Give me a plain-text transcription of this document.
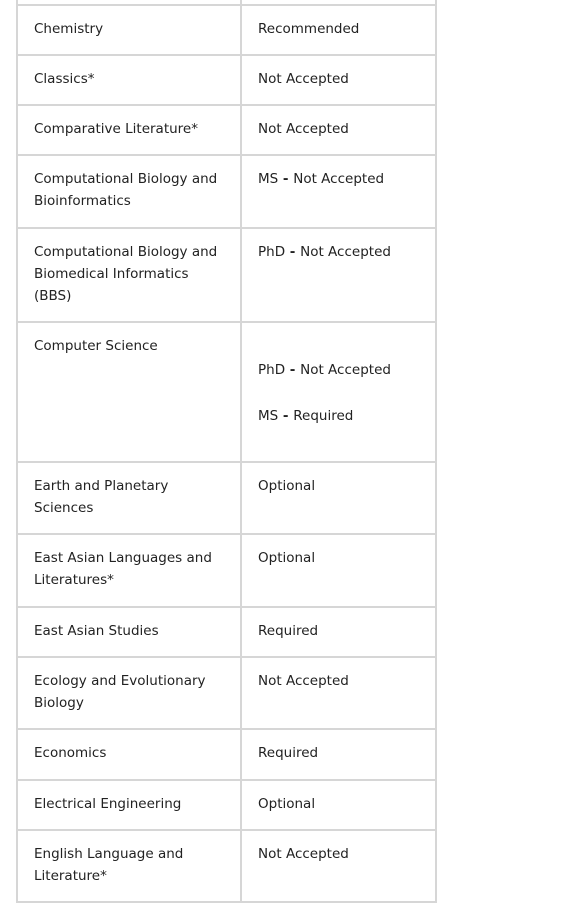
Chemistry	Recommended

Classics*	Not Accepted

Comparative Literature*	Not Accepted

Computational Biology and Bioinformatics	MS - Not Accepted

Computational Biology and Biomedical Informatics (BBS)	PhD - Not Accepted

Computer Science	PhD - Not Accepted
MS - Required

Earth and Planetary Sciences	Optional

East Asian Languages and Literatures*	Optional

East Asian Studies	Required

Ecology and Evolutionary Biology	Not Accepted

Economics	Required

Electrical Engineering	Optional

English Language and Literature*	Not Accepted
